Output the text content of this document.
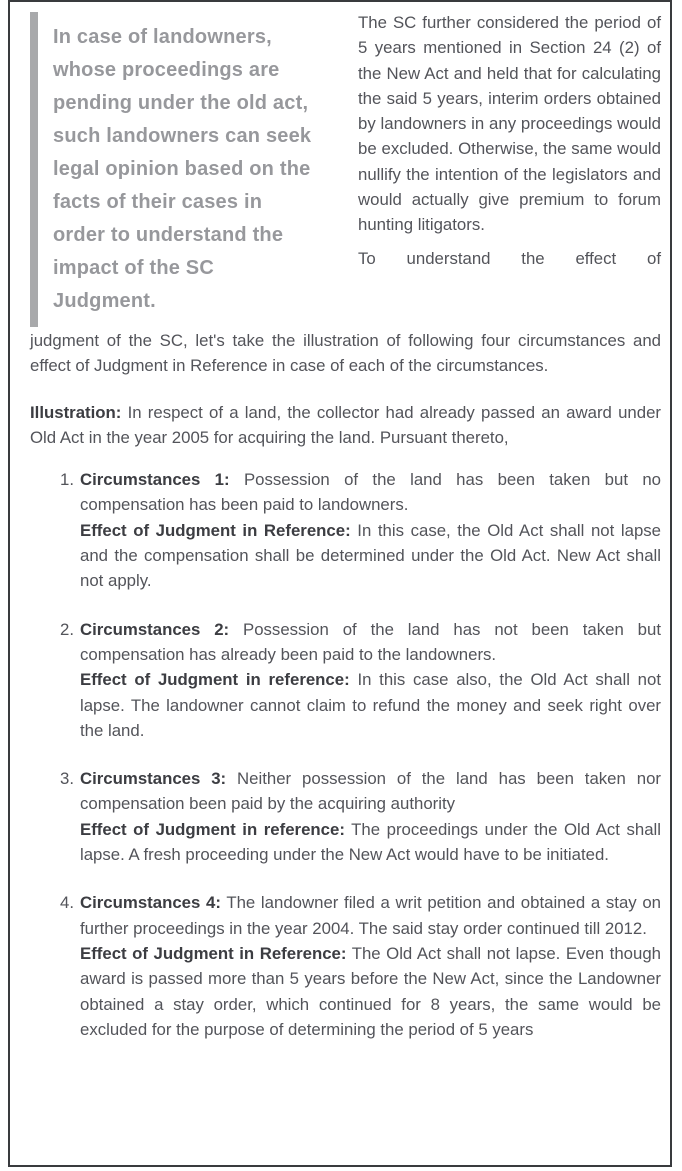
In case of landowners, whose proceedings are pending under the old act, such landowners can seek legal opinion based on the facts of their cases in order to understand the impact of the SC Judgment.

The SC further considered the period of 5 years mentioned in Section 24 (2) of the New Act and held that for calculating the said 5 years, interim orders obtained by landowners in any proceedings would be excluded. Otherwise, the same would nullify the intention of the legislators and would actually give premium to forum hunting litigators.

To understand the effect of

judgment of the SC, let's take the illustration of following four circumstances and effect of Judgment in Reference in case of each of the circumstances.

Illustration: In respect of a land, the collector had already passed an award under Old Act in the year 2005 for acquiring the land. Pursuant thereto,

1. Circumstances 1: Possession of the land has been taken but no compensation has been paid to landowners.
Effect of Judgment in Reference: In this case, the Old Act shall not lapse and the compensation shall be determined under the Old Act. New Act shall not apply.
2. Circumstances 2: Possession of the land has not been taken but compensation has already been paid to the landowners.
Effect of Judgment in reference: In this case also, the Old Act shall not lapse. The landowner cannot claim to refund the money and seek right over the land.
3. Circumstances 3: Neither possession of the land has been taken nor compensation been paid by the acquiring authority
Effect of Judgment in reference: The proceedings under the Old Act shall lapse. A fresh proceeding under the New Act would have to be initiated.
4. Circumstances 4: The landowner filed a writ petition and obtained a stay on further proceedings in the year 2004. The said stay order continued till 2012.
Effect of Judgment in Reference: The Old Act shall not lapse. Even though award is passed more than 5 years before the New Act, since the Landowner obtained a stay order, which continued for 8 years, the same would be excluded for the purpose of determining the period of 5 years
